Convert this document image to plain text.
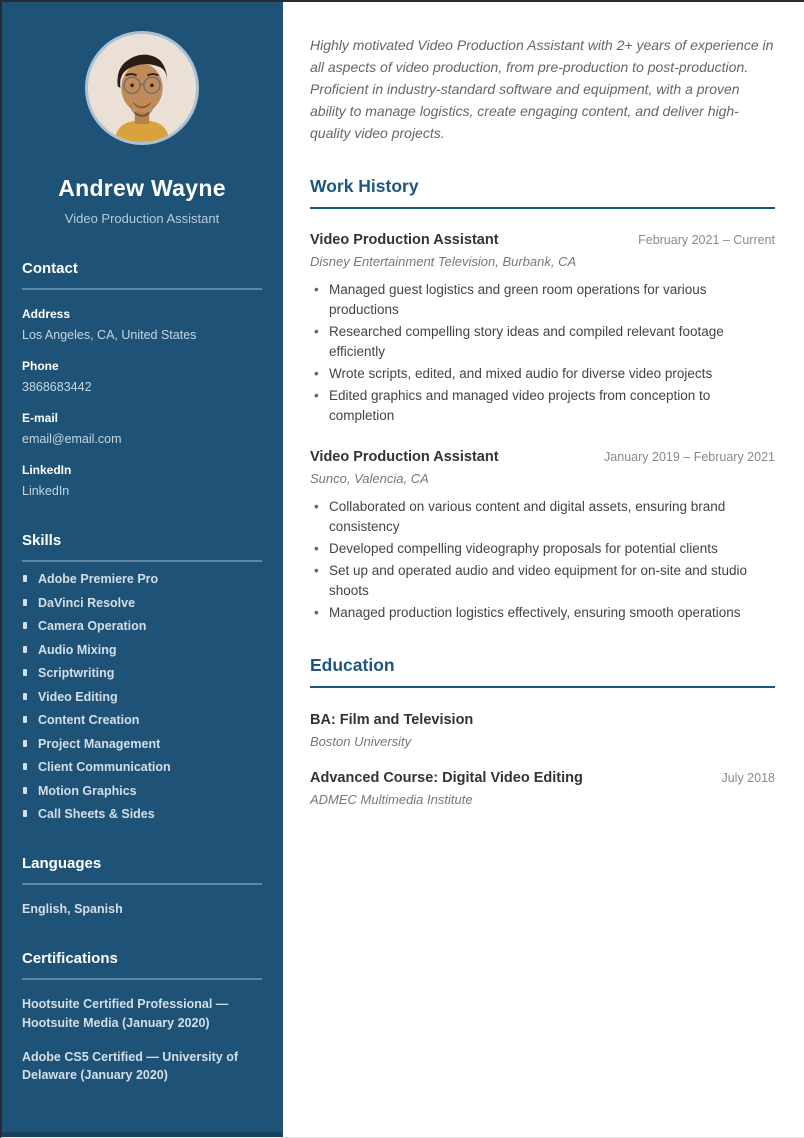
Andrew Wayne
Video Production Assistant
Contact
Address
Los Angeles, CA, United States
Phone
3868683442
E-mail
email@email.com
LinkedIn
LinkedIn
Skills
Adobe Premiere Pro
DaVinci Resolve
Camera Operation
Audio Mixing
Scriptwriting
Video Editing
Content Creation
Project Management
Client Communication
Motion Graphics
Call Sheets & Sides
Languages
English, Spanish
Certifications
Hootsuite Certified Professional — Hootsuite Media (January 2020)
Adobe CS5 Certified — University of Delaware (January 2020)

Highly motivated Video Production Assistant with 2+ years of experience in all aspects of video production, from pre-production to post-production. Proficient in industry-standard software and equipment, with a proven ability to manage logistics, create engaging content, and deliver high-quality video projects.

Work History
Video Production Assistant	February 2021 – Current
Disney Entertainment Television, Burbank, CA
• Managed guest logistics and green room operations for various productions
• Researched compelling story ideas and compiled relevant footage efficiently
• Wrote scripts, edited, and mixed audio for diverse video projects
• Edited graphics and managed video projects from conception to completion
Video Production Assistant	January 2019 – February 2021
Sunco, Valencia, CA
• Collaborated on various content and digital assets, ensuring brand consistency
• Developed compelling videography proposals for potential clients
• Set up and operated audio and video equipment for on-site and studio shoots
• Managed production logistics effectively, ensuring smooth operations
Education
BA: Film and Television
Boston University
Advanced Course: Digital Video Editing	July 2018
ADMEC Multimedia Institute
